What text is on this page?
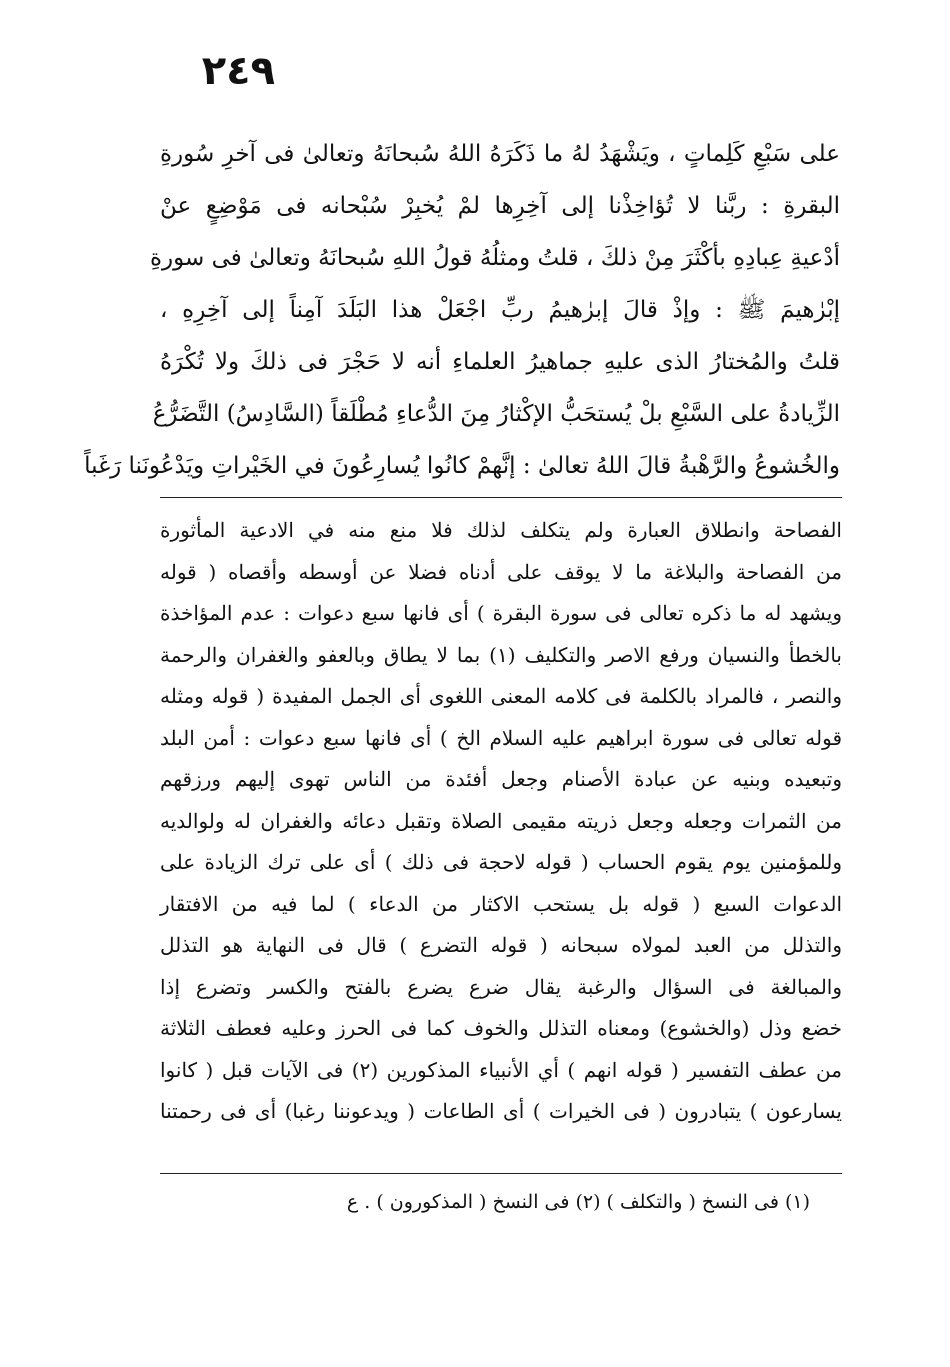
٢٤٩
على سَبْعِ كَلِماتٍ ، ويَشْهَدُ لهُ ما ذَكَرَهُ اللهُ سُبحانَهُ وتعالىٰ فى آخرِ سُورةِ
البقرةِ : ربَّنا لا تُؤاخِذْنا إلى آخِرِها لمْ يُخبِرْ سُبْحانه فى مَوْضِعٍ عنْ
أدْعيةِ عِبادِهِ بأكْثَرَ مِنْ ذلكَ ، قلتُ ومثلُهُ قولُ اللهِ سُبحانَهُ وتعالىٰ فى سورةِ
إبْرٰهيمَ ﷺ : وإذْ قالَ إبرٰهيمُ ربِّ اجْعَلْ هذا البَلَدَ آمِناً إلى آخِرِهِ ،
قلتُ والمُختارُ الذى عليهِ جماهيرُ العلماءِ أنه لا حَجْرَ فى ذلكَ ولا تُكْرَهُ
الزِّيادةُ على السَّبْعِ بلْ يُستحَبُّ الإكْثارُ مِنَ الدُّعاءِ مُطْلَقاً (السَّادِسُ) التَّضَرُّعُ
والخُشوعُ والرَّهْبةُ قالَ اللهُ تعالىٰ : إنَّهمْ كانُوا يُسارِعُونَ في الخَيْراتِ ويَدْعُونَنا رَغَباً
الفصاحة وانطلاق العبارة ولم يتكلف لذلك فلا منع منه في الادعية المأثورة
من الفصاحة والبلاغة ما لا يوقف على أدناه فضلا عن أوسطه وأقصاه ( قوله
ويشهد له ما ذكره تعالى فى سورة البقرة ) أى فانها سبع دعوات : عدم المؤاخذة
بالخطأ والنسيان ورفع الاصر والتكليف (١) بما لا يطاق وبالعفو والغفران والرحمة
والنصر ، فالمراد بالكلمة فى كلامه المعنى اللغوى أى الجمل المفيدة ( قوله ومثله
قوله تعالى فى سورة ابراهيم عليه السلام الخ ) أى فانها سبع دعوات : أمن البلد
وتبعيده وبنيه عن عبادة الأصنام وجعل أفئدة من الناس تهوى إليهم ورزقهم
من الثمرات وجعله وجعل ذريته مقيمى الصلاة وتقبل دعائه والغفران له ولوالديه
وللمؤمنين يوم يقوم الحساب ( قوله لاحجة فى ذلك ) أى على ترك الزيادة على
الدعوات السبع ( قوله بل يستحب الاكثار من الدعاء ) لما فيه من الافتقار
والتذلل من العبد لمولاه سبحانه ( قوله التضرع ) قال فى النهاية هو التذلل
والمبالغة فى السؤال والرغبة يقال ضرع يضرع بالفتح والكسر وتضرع إذا
خضع وذل (والخشوع) ومعناه التذلل والخوف كما فى الحرز وعليه فعطف الثلاثة
من عطف التفسير ( قوله انهم ) أي الأنبياء المذكورين (٢) فى الآيات قبل ( كانوا
يسارعون ) يتبادرون ( فى الخيرات ) أى الطاعات ( ويدعوننا رغبا) أى فى رحمتنا
(١) فى النسخ ( والتكلف ) (٢) فى النسخ ( المذكورون ) . ع
